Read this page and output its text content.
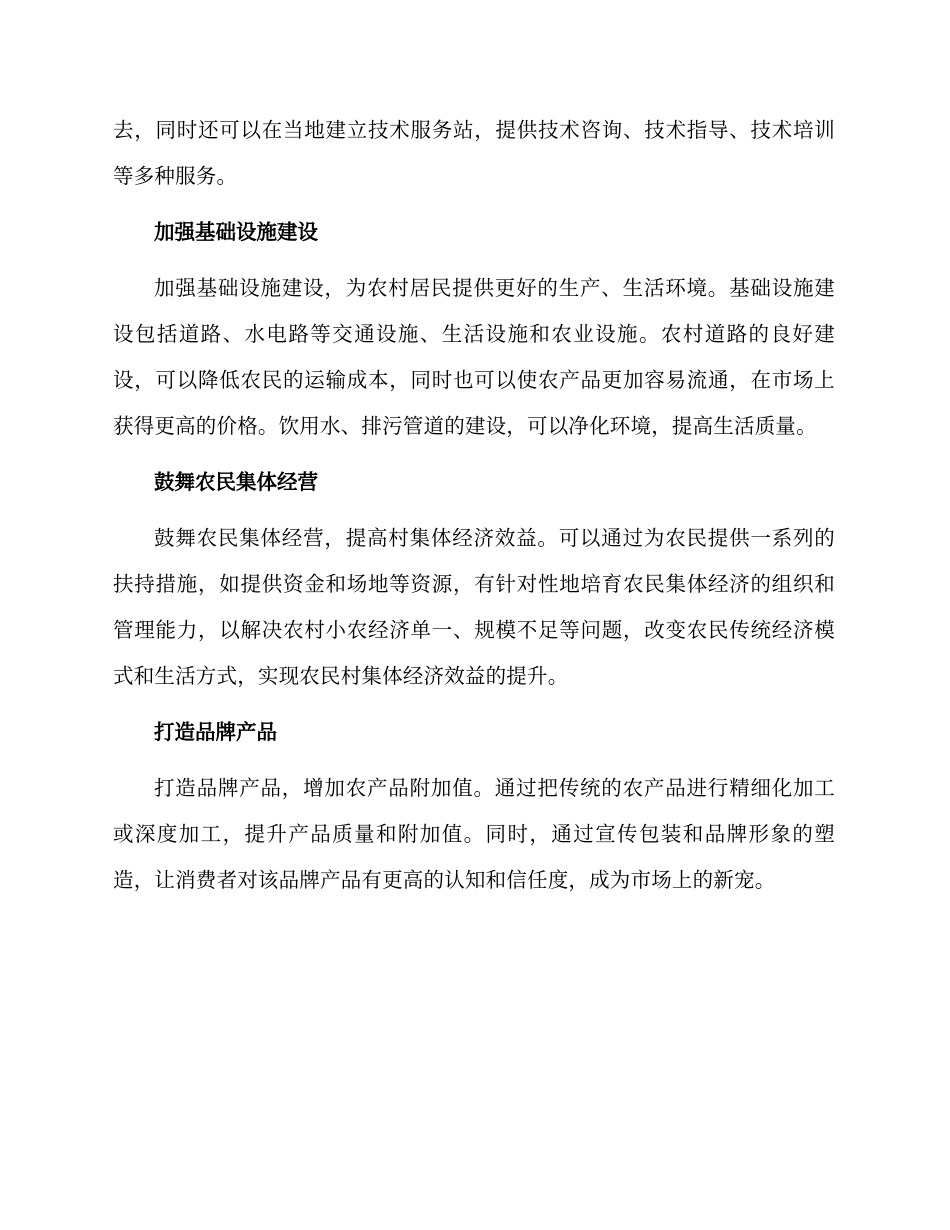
去，同时还可以在当地建立技术服务站，提供技术咨询、技术指导、技术培训等多种服务。

加强基础设施建设

加强基础设施建设，为农村居民提供更好的生产、生活环境。基础设施建设包括道路、水电路等交通设施、生活设施和农业设施。农村道路的良好建设，可以降低农民的运输成本，同时也可以使农产品更加容易流通，在市场上获得更高的价格。饮用水、排污管道的建设，可以净化环境，提高生活质量。

鼓舞农民集体经营

鼓舞农民集体经营，提高村集体经济效益。可以通过为农民提供一系列的扶持措施，如提供资金和场地等资源，有针对性地培育农民集体经济的组织和管理能力，以解决农村小农经济单一、规模不足等问题，改变农民传统经济模式和生活方式，实现农民村集体经济效益的提升。

打造品牌产品

打造品牌产品，增加农产品附加值。通过把传统的农产品进行精细化加工或深度加工，提升产品质量和附加值。同时，通过宣传包装和品牌形象的塑造，让消费者对该品牌产品有更高的认知和信任度，成为市场上的新宠。
